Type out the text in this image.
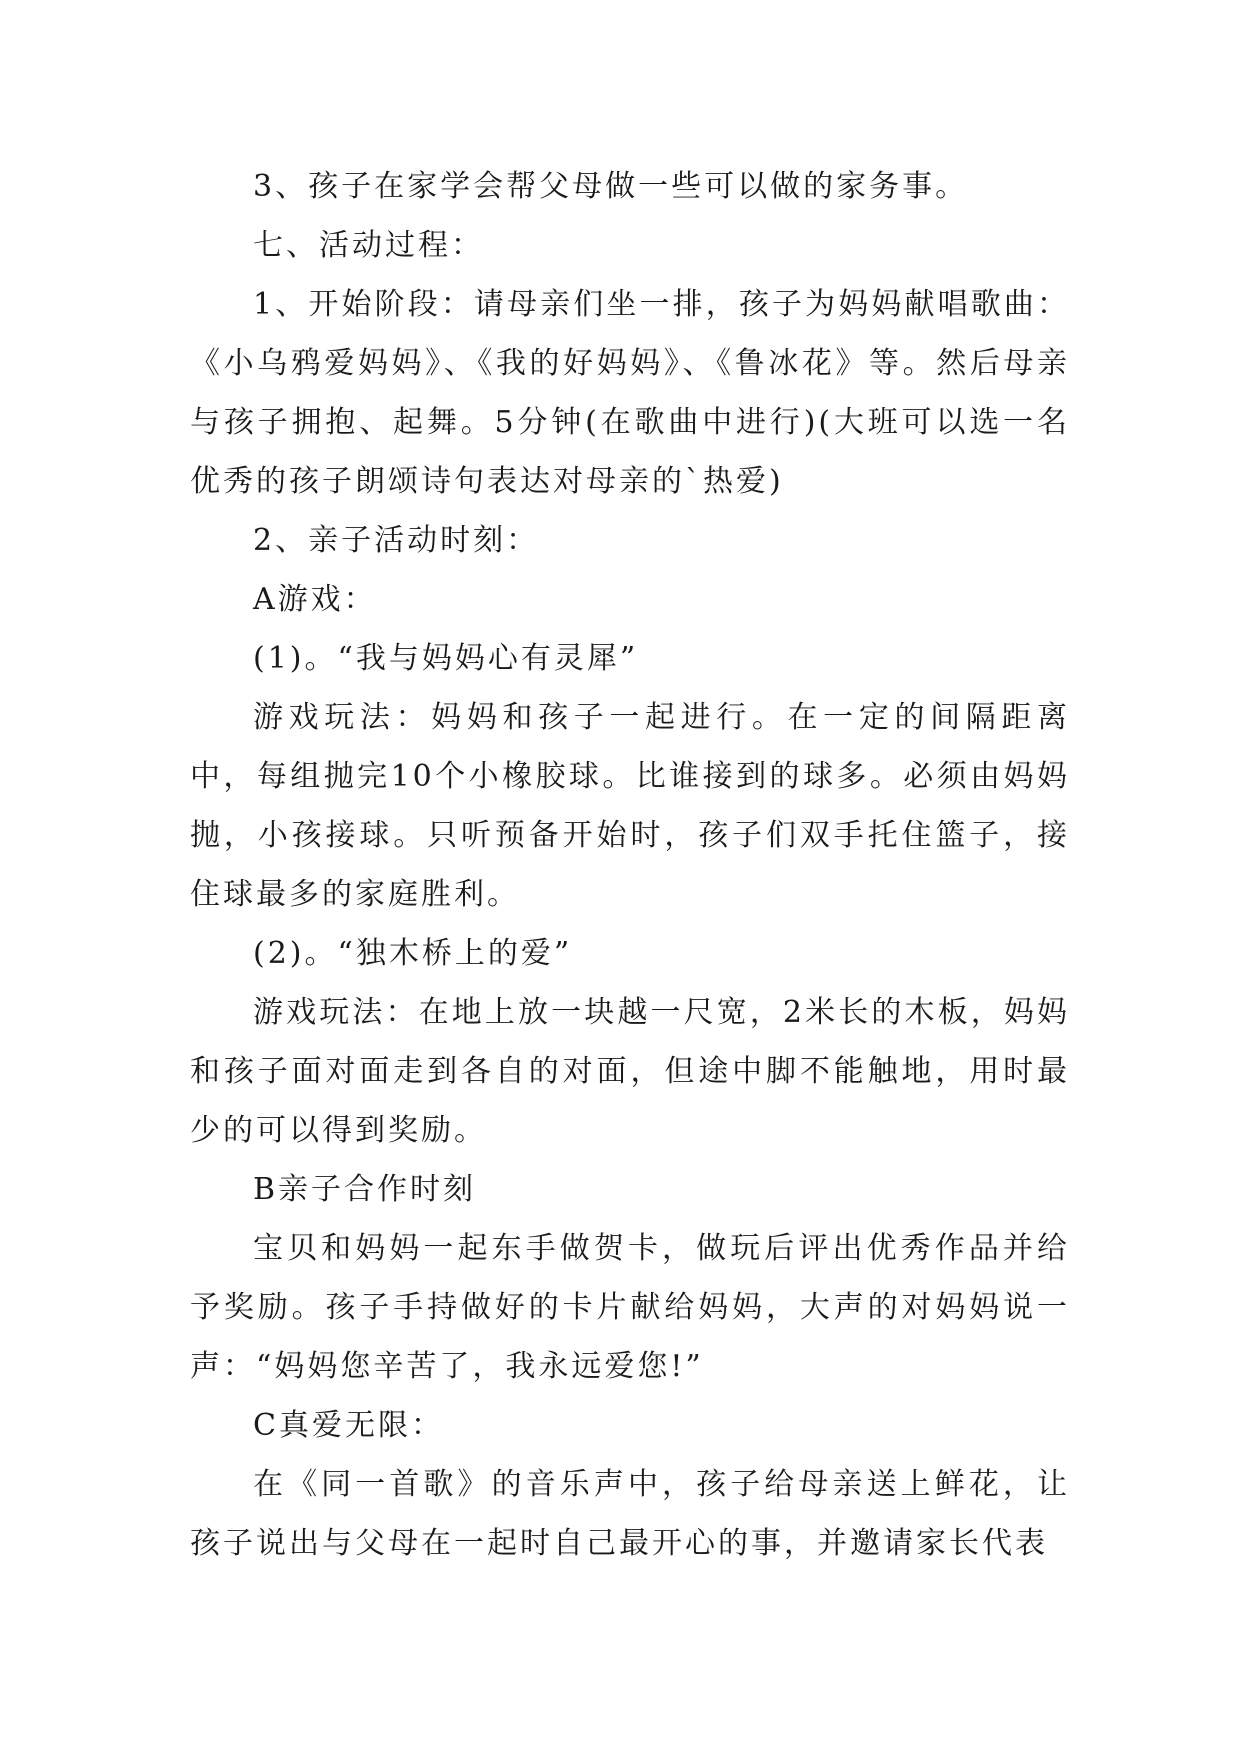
3、孩子在家学会帮父母做一些可以做的家务事。

七、活动过程：

1、开始阶段：请母亲们坐一排，孩子为妈妈献唱歌曲：《小乌鸦爱妈妈》、《我的好妈妈》、《鲁冰花》等。然后母亲与孩子拥抱、起舞。5分钟(在歌曲中进行)(大班可以选一名优秀的孩子朗颂诗句表达对母亲的`热爱)

2、亲子活动时刻：

A游戏：

(1)。“我与妈妈心有灵犀”

游戏玩法：妈妈和孩子一起进行。在一定的间隔距离中，每组抛完10个小橡胶球。比谁接到的球多。必须由妈妈抛，小孩接球。只听预备开始时，孩子们双手托住篮子，接住球最多的家庭胜利。

(2)。“独木桥上的爱”

游戏玩法：在地上放一块越一尺宽，2米长的木板，妈妈和孩子面对面走到各自的对面，但途中脚不能触地，用时最少的可以得到奖励。

B亲子合作时刻

宝贝和妈妈一起东手做贺卡，做玩后评出优秀作品并给予奖励。孩子手持做好的卡片献给妈妈，大声的对妈妈说一声：“妈妈您辛苦了，我永远爱您!”

C真爱无限：

在《同一首歌》的音乐声中，孩子给母亲送上鲜花，让孩子说出与父母在一起时自己最开心的事，并邀请家长代表
